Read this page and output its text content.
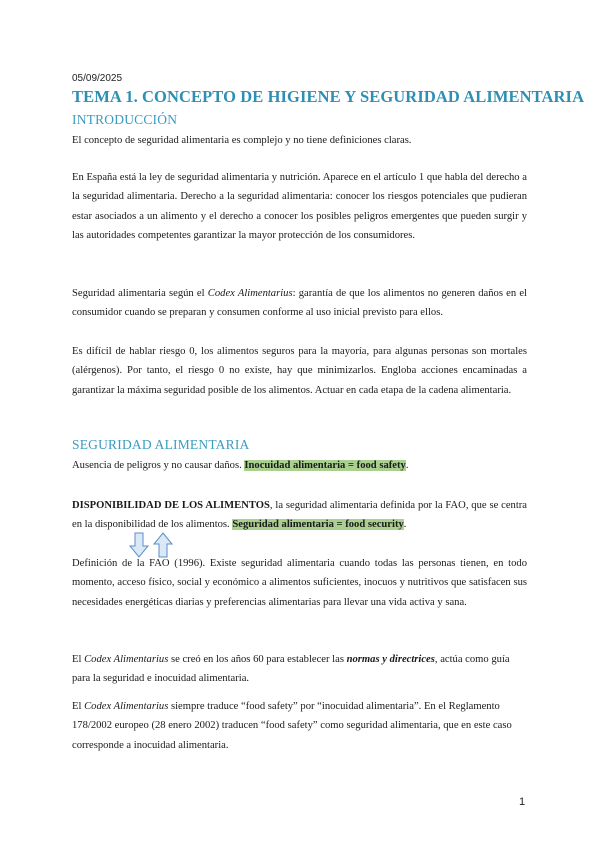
05/09/2025
TEMA 1. CONCEPTO DE HIGIENE Y SEGURIDAD ALIMENTARIA
INTRODUCCIÓN

El concepto de seguridad alimentaria es complejo y no tiene definiciones claras.

En España está la ley de seguridad alimentaria y nutrición. Aparece en el artículo 1 que habla del derecho a la seguridad alimentaria. Derecho a la seguridad alimentaria: conocer los riesgos potenciales que pudieran estar asociados a un alimento y el derecho a conocer los posibles peligros emergentes que pueden surgir y las autoridades competentes garantizar la mayor protección de los consumidores.

Seguridad alimentaria según el Codex Alimentarius: garantía de que los alimentos no generen daños en el consumidor cuando se preparan y consumen conforme al uso inicial previsto para ellos.

Es difícil de hablar riesgo 0, los alimentos seguros para la mayoría, para algunas personas son mortales (alérgenos). Por tanto, el riesgo 0 no existe, hay que minimizarlos. Engloba acciones encaminadas a garantizar la máxima seguridad posible de los alimentos. Actuar en cada etapa de la cadena alimentaria.

SEGURIDAD ALIMENTARIA

Ausencia de peligros y no causar daños. Inocuidad alimentaria = food safety.

DISPONIBILIDAD DE LOS ALIMENTOS, la seguridad alimentaria definida por la FAO, que se centra en la disponibilidad de los alimentos. Seguridad alimentaria = food security.

Definición de la FAO (1996). Existe seguridad alimentaria cuando todas las personas tienen, en todo momento, acceso físico, social y económico a alimentos suficientes, inocuos y nutritivos que satisfacen sus necesidades energéticas diarias y preferencias alimentarias para llevar una vida activa y sana.

El Codex Alimentarius se creó en los años 60 para establecer las normas y directrices, actúa como guía para la seguridad e inocuidad alimentaria.

El Codex Alimentarius siempre traduce “food safety” por “inocuidad alimentaria”. En el Reglamento 178/2002 europeo (28 enero 2002) traducen “food safety” como seguridad alimentaria, que en este caso corresponde a inocuidad alimentaria.

1
